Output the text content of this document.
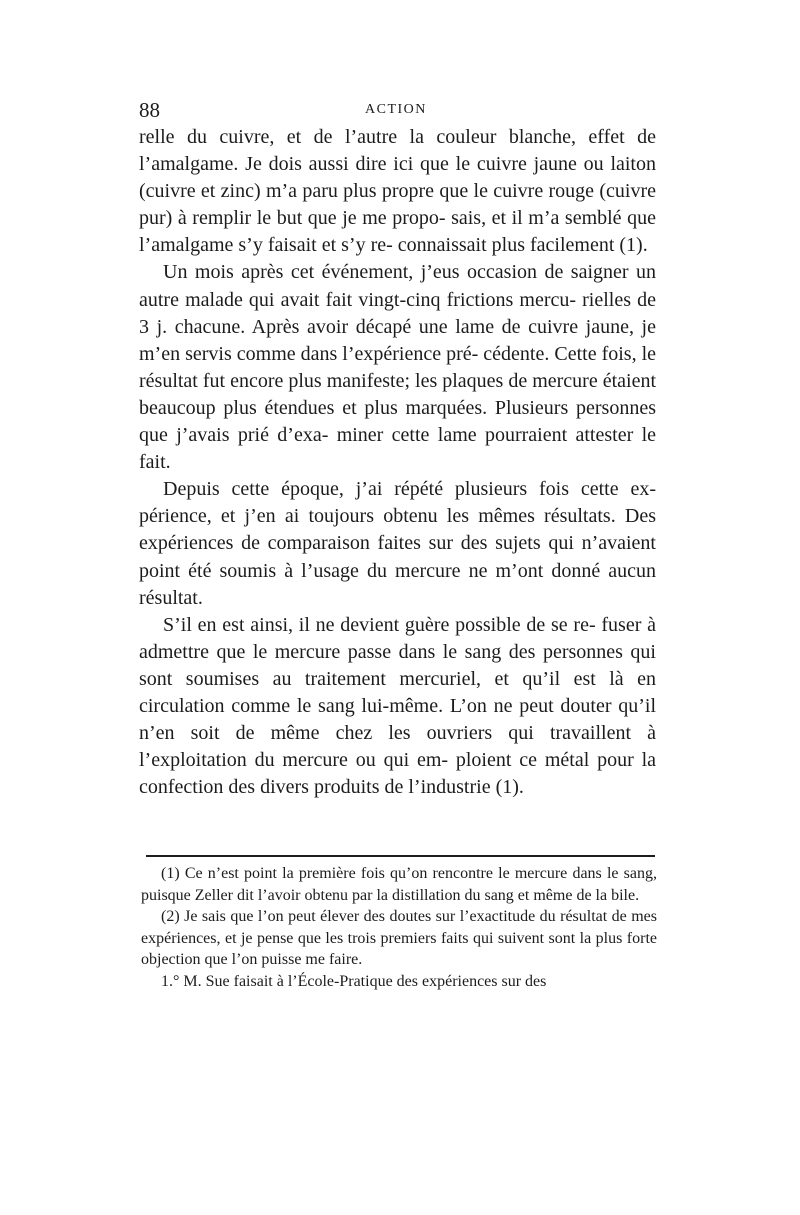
88	ACTION

relle du cuivre, et de l’autre la couleur blanche, effet de l’amalgame. Je dois aussi dire ici que le cuivre jaune ou laiton (cuivre et zinc) m’a paru plus propre que le cuivre rouge (cuivre pur) à remplir le but que je me propo- sais, et il m’a semblé que l’amalgame s’y faisait et s’y re- connaissait plus facilement (1).

Un mois après cet événement, j’eus occasion de saigner un autre malade qui avait fait vingt-cinq frictions mercu- rielles de 3 j. chacune. Après avoir décapé une lame de cuivre jaune, je m’en servis comme dans l’expérience pré- cédente. Cette fois, le résultat fut encore plus manifeste; les plaques de mercure étaient beaucoup plus étendues et plus marquées. Plusieurs personnes que j’avais prié d’exa- miner cette lame pourraient attester le fait.

Depuis cette époque, j’ai répété plusieurs fois cette ex- périence, et j’en ai toujours obtenu les mêmes résultats. Des expériences de comparaison faites sur des sujets qui n’avaient point été soumis à l’usage du mercure ne m’ont donné aucun résultat.

S’il en est ainsi, il ne devient guère possible de se re- fuser à admettre que le mercure passe dans le sang des personnes qui sont soumises au traitement mercuriel, et qu’il est là en circulation comme le sang lui-même. L’on ne peut douter qu’il n’en soit de même chez les ouvriers qui travaillent à l’exploitation du mercure ou qui em- ploient ce métal pour la confection des divers produits de l’industrie (1).

(1) Ce n’est point la première fois qu’on rencontre le mercure dans le sang, puisque Zeller dit l’avoir obtenu par la distillation du sang et même de la bile.

(2) Je sais que l’on peut élever des doutes sur l’exactitude du résultat de mes expériences, et je pense que les trois premiers faits qui suivent sont la plus forte objection que l’on puisse me faire.

1.° M. Sue faisait à l’École-Pratique des expériences sur des
